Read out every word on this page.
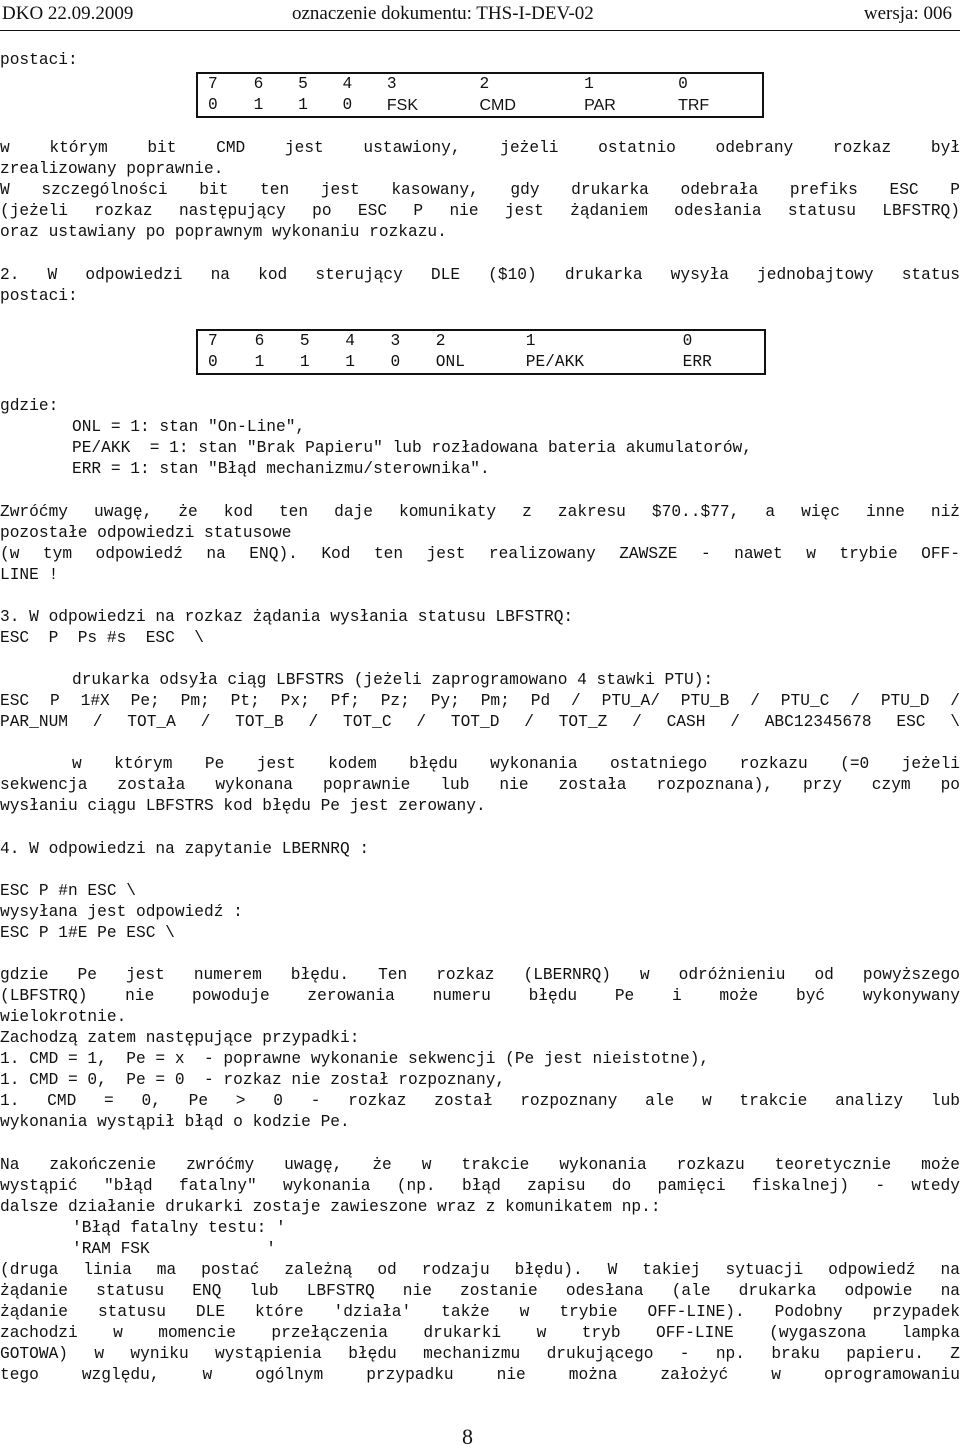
DKO 22.09.2009	oznaczenie dokumentu: THS-I-DEV-02	wersja: 006
postaci:
7	6	5	4	3	2	1	0
0	1	1	0	FSK	CMD	PAR	TRF
w którym bit CMD jest ustawiony, jeżeli ostatnio odebrany rozkaz był
zrealizowany poprawnie.
W szczególności bit ten jest kasowany, gdy drukarka odebrała prefiks ESC P
(jeżeli rozkaz następujący po ESC P nie jest żądaniem odesłania statusu LBFSTRQ)
oraz ustawiany po poprawnym wykonaniu rozkazu.
2. W odpowiedzi na kod sterujący DLE ($10) drukarka wysyła jednobajtowy status
postaci:
7	6	5	4	3	2	1	0
0	1	1	1	0	ONL	PE/AKK	ERR
gdzie:
ONL = 1: stan "On-Line",
PE/AKK  = 1: stan "Brak Papieru" lub rozładowana bateria akumulatorów,
ERR = 1: stan "Błąd mechanizmu/sterownika".
Zwróćmy uwagę, że kod ten daje komunikaty z zakresu $70..$77, a więc inne niż
pozostałe odpowiedzi statusowe
(w tym odpowiedź na ENQ). Kod ten jest realizowany ZAWSZE - nawet w trybie OFF-
LINE !
3. W odpowiedzi na rozkaz żądania wysłania statusu LBFSTRQ:
ESC  P  Ps #s  ESC  \
drukarka odsyła ciąg LBFSTRS (jeżeli zaprogramowano 4 stawki PTU):
ESC P 1#X Pe; Pm; Pt; Px; Pf; Pz; Py; Pm; Pd / PTU_A/ PTU_B / PTU_C / PTU_D /
PAR_NUM / TOT_A / TOT_B / TOT_C / TOT_D / TOT_Z / CASH / ABC12345678 ESC \
w którym Pe jest kodem błędu wykonania ostatniego rozkazu (=0 jeżeli
sekwencja została wykonana poprawnie lub nie została rozpoznana), przy czym po
wysłaniu ciągu LBFSTRS kod błędu Pe jest zerowany.
4. W odpowiedzi na zapytanie LBERNRQ :
ESC P #n ESC \
wysyłana jest odpowiedź :
ESC P 1#E Pe ESC \
gdzie Pe jest numerem błędu. Ten rozkaz (LBERNRQ) w odróżnieniu od powyższego
(LBFSTRQ) nie powoduje zerowania numeru błędu Pe i może być wykonywany
wielokrotnie.
Zachodzą zatem następujące przypadki:
1. CMD = 1,  Pe = x  - poprawne wykonanie sekwencji (Pe jest nieistotne),
1. CMD = 0,  Pe = 0  - rozkaz nie został rozpoznany,
1. CMD = 0, Pe > 0 - rozkaz został rozpoznany ale w trakcie analizy lub
wykonania wystąpił błąd o kodzie Pe.
Na zakończenie zwróćmy uwagę, że w trakcie wykonania rozkazu teoretycznie może
wystąpić "błąd fatalny" wykonania (np. błąd zapisu do pamięci fiskalnej) - wtedy
dalsze działanie drukarki zostaje zawieszone wraz z komunikatem np.:
'Błąd fatalny testu: '
'RAM FSK            '
(druga linia ma postać zależną od rodzaju błędu). W takiej sytuacji odpowiedź na
żądanie statusu ENQ lub LBFSTRQ nie zostanie odesłana (ale drukarka odpowie na
żądanie statusu DLE które 'działa' także w trybie OFF-LINE). Podobny przypadek
zachodzi w momencie przełączenia drukarki w tryb OFF-LINE (wygaszona lampka
GOTOWA) w wyniku wystąpienia błędu mechanizmu drukującego - np. braku papieru. Z
tego względu, w ogólnym przypadku nie można założyć w oprogramowaniu
8
